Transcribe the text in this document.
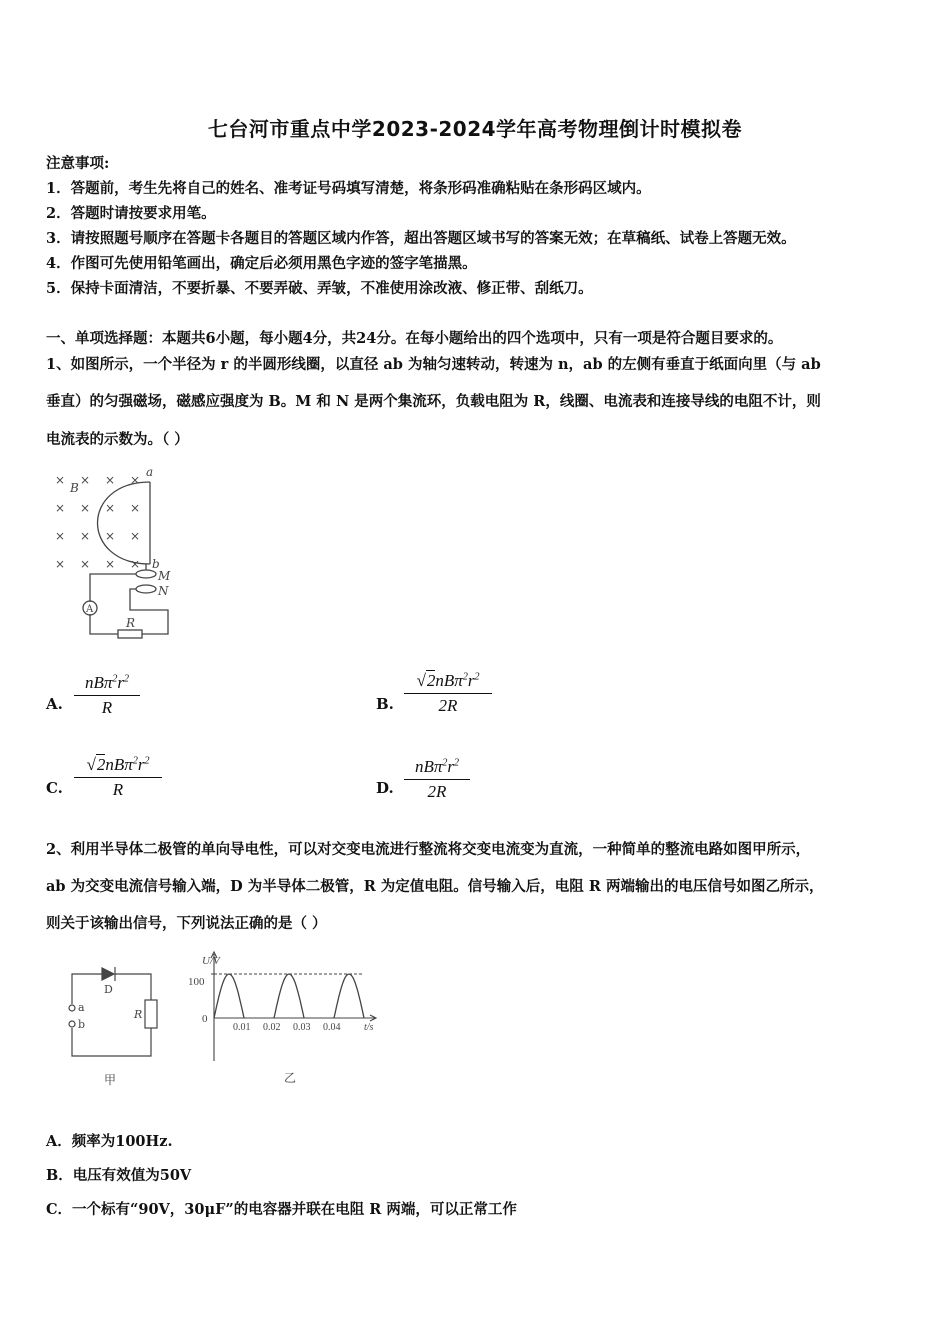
七台河市重点中学2023-2024学年高考物理倒计时模拟卷
注意事项:
1．答题前，考生先将自己的姓名、准考证号码填写清楚，将条形码准确粘贴在条形码区域内。
2．答题时请按要求用笔。
3．请按照题号顺序在答题卡各题目的答题区域内作答，超出答题区域书写的答案无效；在草稿纸、试卷上答题无效。
4．作图可先使用铅笔画出，确定后必须用黑色字迹的签字笔描黑。
5．保持卡面清洁，不要折暴、不要弄破、弄皱，不准使用涂改液、修正带、刮纸刀。
一、单项选择题：本题共6小题，每小题4分，共24分。在每小题给出的四个选项中，只有一项是符合题目要求的。
1、如图所示，一个半径为 r 的半圆形线圈，以直径 ab 为轴匀速转动，转速为 n，ab 的左侧有垂直于纸面向里（与 ab
垂直）的匀强磁场，磁感应强度为 B。M 和 N 是两个集流环，负载电阻为 R，线圈、电流表和连接导线的电阻不计，则
电流表的示数为。（ ）
× × × ×
× × × ×
× × × ×
× × × ×
B
a
b
M
N
R
A
A.
$nB\pi^2r^2$
R	B.
$√2nB\pi^2r^2$
2R
C.
$√2nB\pi^2r^2$
R	D.
$nB\pi^2r^2$
2R
2、利用半导体二极管的单向导电性，可以对交变电流进行整流将交变电流变为直流，一种简单的整流电路如图甲所示，
ab 为交变电流信号输入端，D 为半导体二极管，R 为定值电阻。信号输入后，电阻 R 两端输出的电压信号如图乙所示，
则关于该输出信号，下列说法正确的是（ ）
D
a
b
R
甲
0.01 0.02 0.03 0.04
U/V
t/s
100
0
乙
A．频率为100Hz.
B．电压有效值为50V
C．一个标有“90V，30μF”的电容器并联在电阻 R 两端，可以正常工作
